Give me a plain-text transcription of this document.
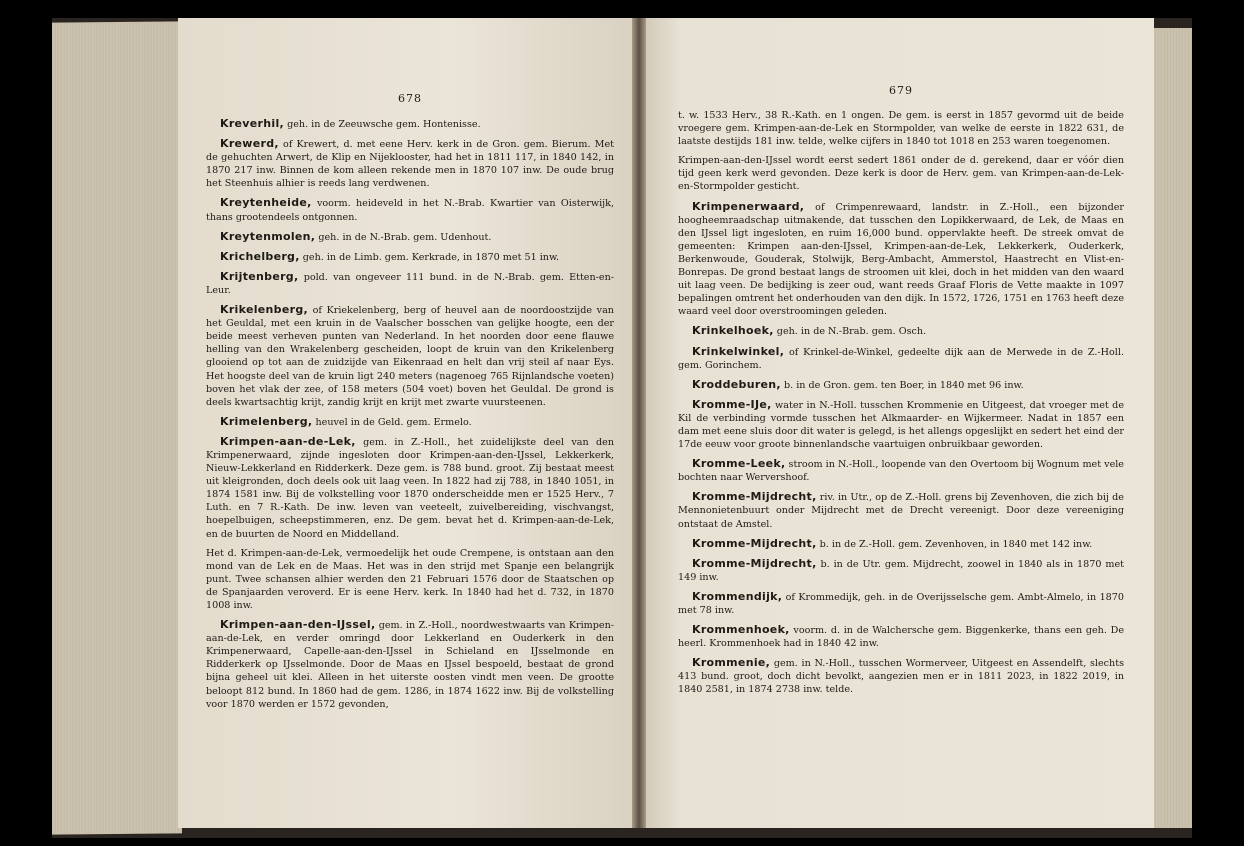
678

Kreverhil, geh. in de Zeeuwsche gem. Hontenisse.

Krewerd, of Krewert, d. met eene Herv. kerk in de Gron. gem. Bierum. Met de gehuchten Arwert, de Klip en Nijeklooster, had het in 1811 117, in 1840 142, in 1870 217 inw. Binnen de kom alleen rekende men in 1870 107 inw. De oude brug het Steenhuis alhier is reeds lang verdwenen.

Kreytenheide, voorm. heideveld in het N.-Brab. Kwartier van Oisterwijk, thans grootendeels ontgonnen.

Kreytenmolen, geh. in de N.-Brab. gem. Udenhout.

Krichelberg, geh. in de Limb. gem. Kerkrade, in 1870 met 51 inw.

Krijtenberg, pold. van ongeveer 111 bund. in de N.-Brab. gem. Etten-en-Leur.

Krikelenberg, of Kriekelenberg, berg of heuvel aan de noordoostzijde van het Geuldal, met een kruin in de Vaalscher bosschen van gelijke hoogte, een der beide meest verheven punten van Nederland. In het noorden door eene flauwe helling van den Wrakelenberg gescheiden, loopt de kruin van den Krikelenberg glooiend op tot aan de zuidzijde van Eikenraad en helt dan vrij steil af naar Eys. Het hoogste deel van de kruin ligt 240 meters (nagenoeg 765 Rijnlandsche voeten) boven het vlak der zee, of 158 meters (504 voet) boven het Geuldal. De grond is deels kwartsachtig krijt, zandig krijt en krijt met zwarte vuursteenen.

Krimelenberg, heuvel in de Geld. gem. Ermelo.

Krimpen-aan-de-Lek, gem. in Z.-Holl., het zuidelijkste deel van den Krimpenerwaard, zijnde ingesloten door Krimpen-aan-den-IJssel, Lekkerkerk, Nieuw-Lekkerland en Ridderkerk. Deze gem. is 788 bund. groot. Zij bestaat meest uit kleigronden, doch deels ook uit laag veen. In 1822 had zij 788, in 1840 1051, in 1874 1581 inw. Bij de volkstelling voor 1870 onderscheidde men er 1525 Herv., 7 Luth. en 7 R.-Kath. De inw. leven van veeteelt, zuivelbereiding, vischvangst, hoepelbuigen, scheepstimmeren, enz. De gem. bevat het d. Krimpen-aan-de-Lek, en de buurten de Noord en Middelland.

Het d. Krimpen-aan-de-Lek, vermoedelijk het oude Crempene, is ontstaan aan den mond van de Lek en de Maas. Het was in den strijd met Spanje een belangrijk punt. Twee schansen alhier werden den 21 Februari 1576 door de Staatschen op de Spanjaarden veroverd. Er is eene Herv. kerk. In 1840 had het d. 732, in 1870 1008 inw.

Krimpen-aan-den-IJssel, gem. in Z.-Holl., noordwestwaarts van Krimpen-aan-de-Lek, en verder omringd door Lekkerland en Ouderkerk in den Krimpenerwaard, Capelle-aan-den-IJssel in Schieland en IJsselmonde en Ridderkerk op IJsselmonde. Door de Maas en IJssel bespoeld, bestaat de grond bijna geheel uit klei. Alleen in het uiterste oosten vindt men veen. De grootte beloopt 812 bund. In 1860 had de gem. 1286, in 1874 1622 inw. Bij de volkstelling voor 1870 werden er 1572 gevonden,

679

t. w. 1533 Herv., 38 R.-Kath. en 1 ongen. De gem. is eerst in 1857 gevormd uit de beide vroegere gem. Krimpen-aan-de-Lek en Stormpolder, van welke de eerste in 1822 631, de laatste destijds 181 inw. telde, welke cijfers in 1840 tot 1018 en 253 waren toegenomen.

Krimpen-aan-den-IJssel wordt eerst sedert 1861 onder de d. gerekend, daar er vóór dien tijd geen kerk werd gevonden. Deze kerk is door de Herv. gem. van Krimpen-aan-de-Lek-en-Stormpolder gesticht.

Krimpenerwaard, of Crimpenrewaard, landstr. in Z.-Holl., een bijzonder hoogheemraadschap uitmakende, dat tusschen den Lopikkerwaard, de Lek, de Maas en den IJssel ligt ingesloten, en ruim 16,000 bund. oppervlakte heeft. De streek omvat de gemeenten: Krimpen aan-den-IJssel, Krimpen-aan-de-Lek, Lekkerkerk, Ouderkerk, Berkenwoude, Gouderak, Stolwijk, Berg-Ambacht, Ammerstol, Haastrecht en Vlist-en-Bonrepas. De grond bestaat langs de stroomen uit klei, doch in het midden van den waard uit laag veen. De bedijking is zeer oud, want reeds Graaf Floris de Vette maakte in 1097 bepalingen omtrent het onderhouden van den dijk. In 1572, 1726, 1751 en 1763 heeft deze waard veel door overstroomingen geleden.

Krinkelhoek, geh. in de N.-Brab. gem. Osch.

Krinkelwinkel, of Krinkel-de-Winkel, gedeelte dijk aan de Merwede in de Z.-Holl. gem. Gorinchem.

Kroddeburen, b. in de Gron. gem. ten Boer, in 1840 met 96 inw.

Kromme-IJe, water in N.-Holl. tusschen Krommenie en Uitgeest, dat vroeger met de Kil de verbinding vormde tusschen het Alkmaarder- en Wijkermeer. Nadat in 1857 een dam met eene sluis door dit water is gelegd, is het allengs opgeslijkt en sedert het eind der 17de eeuw voor groote binnenlandsche vaartuigen onbruikbaar geworden.

Kromme-Leek, stroom in N.-Holl., loopende van den Overtoom bij Wognum met vele bochten naar Wervershoof.

Kromme-Mijdrecht, riv. in Utr., op de Z.-Holl. grens bij Zevenhoven, die zich bij de Mennonietenbuurt onder Mijdrecht met de Drecht vereenigt. Door deze vereeniging ontstaat de Amstel.

Kromme-Mijdrecht, b. in de Z.-Holl. gem. Zevenhoven, in 1840 met 142 inw.

Kromme-Mijdrecht, b. in de Utr. gem. Mijdrecht, zoowel in 1840 als in 1870 met 149 inw.

Krommendijk, of Krommedijk, geh. in de Overijsselsche gem. Ambt-Almelo, in 1870 met 78 inw.

Krommenhoek, voorm. d. in de Walchersche gem. Biggenkerke, thans een geh. De heerl. Krommenhoek had in 1840 42 inw.

Krommenie, gem. in N.-Holl., tusschen Wormerveer, Uitgeest en Assendelft, slechts 413 bund. groot, doch dicht bevolkt, aangezien men er in 1811 2023, in 1822 2019, in 1840 2581, in 1874 2738 inw. telde.
